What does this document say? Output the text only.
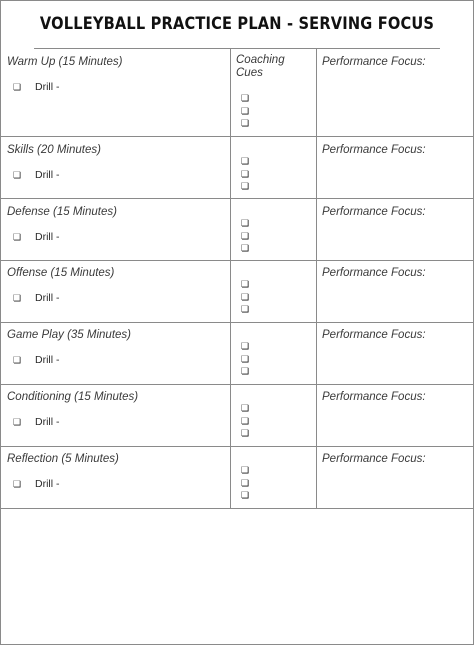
VOLLEYBALL PRACTICE PLAN - SERVING FOCUS
Coaching Cues
Warm Up (15 Minutes)
❏ Drill -
❏
❏
❏
Performance Focus:
Skills (20 Minutes)
❏ Drill -
❏
❏
❏
Performance Focus:
Defense (15 Minutes)
❏ Drill -
❏
❏
❏
Performance Focus:
Offense (15 Minutes)
❏ Drill -
❏
❏
❏
Performance Focus:
Game Play (35 Minutes)
❏ Drill -
❏
❏
❏
Performance Focus:
Conditioning (15 Minutes)
❏ Drill -
❏
❏
❏
Performance Focus:
Reflection (5 Minutes)
❏ Drill -
❏
❏
❏
Performance Focus:
